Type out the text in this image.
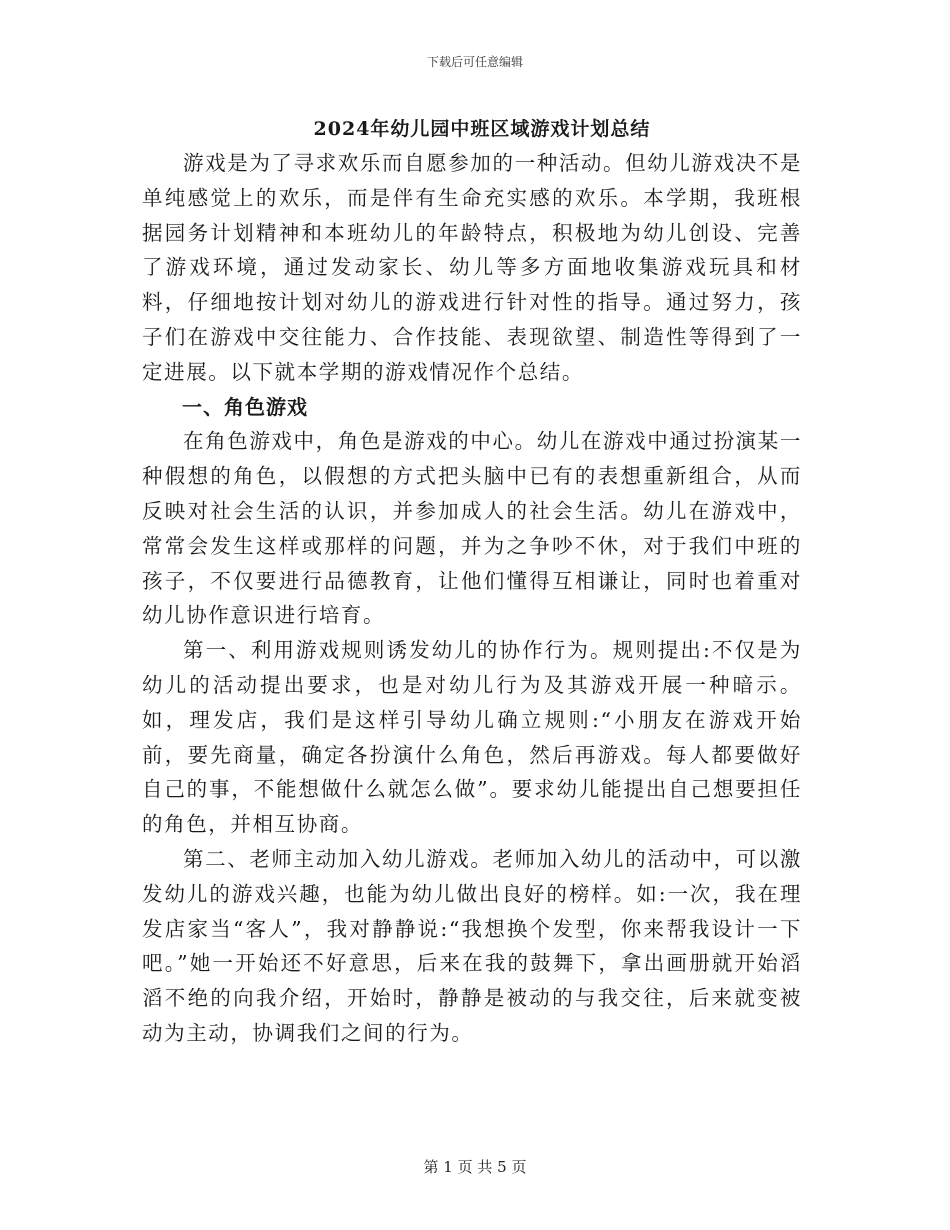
下载后可任意编辑
2024年幼儿园中班区域游戏计划总结

游戏是为了寻求欢乐而自愿参加的一种活动。但幼儿游戏决不是单纯感觉上的欢乐，而是伴有生命充实感的欢乐。本学期，我班根据园务计划精神和本班幼儿的年龄特点，积极地为幼儿创设、完善了游戏环境，通过发动家长、幼儿等多方面地收集游戏玩具和材料，仔细地按计划对幼儿的游戏进行针对性的指导。通过努力，孩子们在游戏中交往能力、合作技能、表现欲望、制造性等得到了一定进展。以下就本学期的游戏情况作个总结。

一、角色游戏

在角色游戏中，角色是游戏的中心。幼儿在游戏中通过扮演某一种假想的角色，以假想的方式把头脑中已有的表想重新组合，从而反映对社会生活的认识，并参加成人的社会生活。幼儿在游戏中，常常会发生这样或那样的问题，并为之争吵不休，对于我们中班的孩子，不仅要进行品德教育，让他们懂得互相谦让，同时也着重对幼儿协作意识进行培育。

第一、利用游戏规则诱发幼儿的协作行为。规则提出:不仅是为幼儿的活动提出要求，也是对幼儿行为及其游戏开展一种暗示。如，理发店，我们是这样引导幼儿确立规则:“小朋友在游戏开始前，要先商量，确定各扮演什么角色，然后再游戏。每人都要做好自己的事，不能想做什么就怎么做”。要求幼儿能提出自己想要担任的角色，并相互协商。

第二、老师主动加入幼儿游戏。老师加入幼儿的活动中，可以激发幼儿的游戏兴趣，也能为幼儿做出良好的榜样。如:一次，我在理发店家当“客人”，我对静静说:“我想换个发型，你来帮我设计一下吧。”她一开始还不好意思，后来在我的鼓舞下，拿出画册就开始滔滔不绝的向我介绍，开始时，静静是被动的与我交往，后来就变被动为主动，协调我们之间的行为。

第 1 页 共 5 页
